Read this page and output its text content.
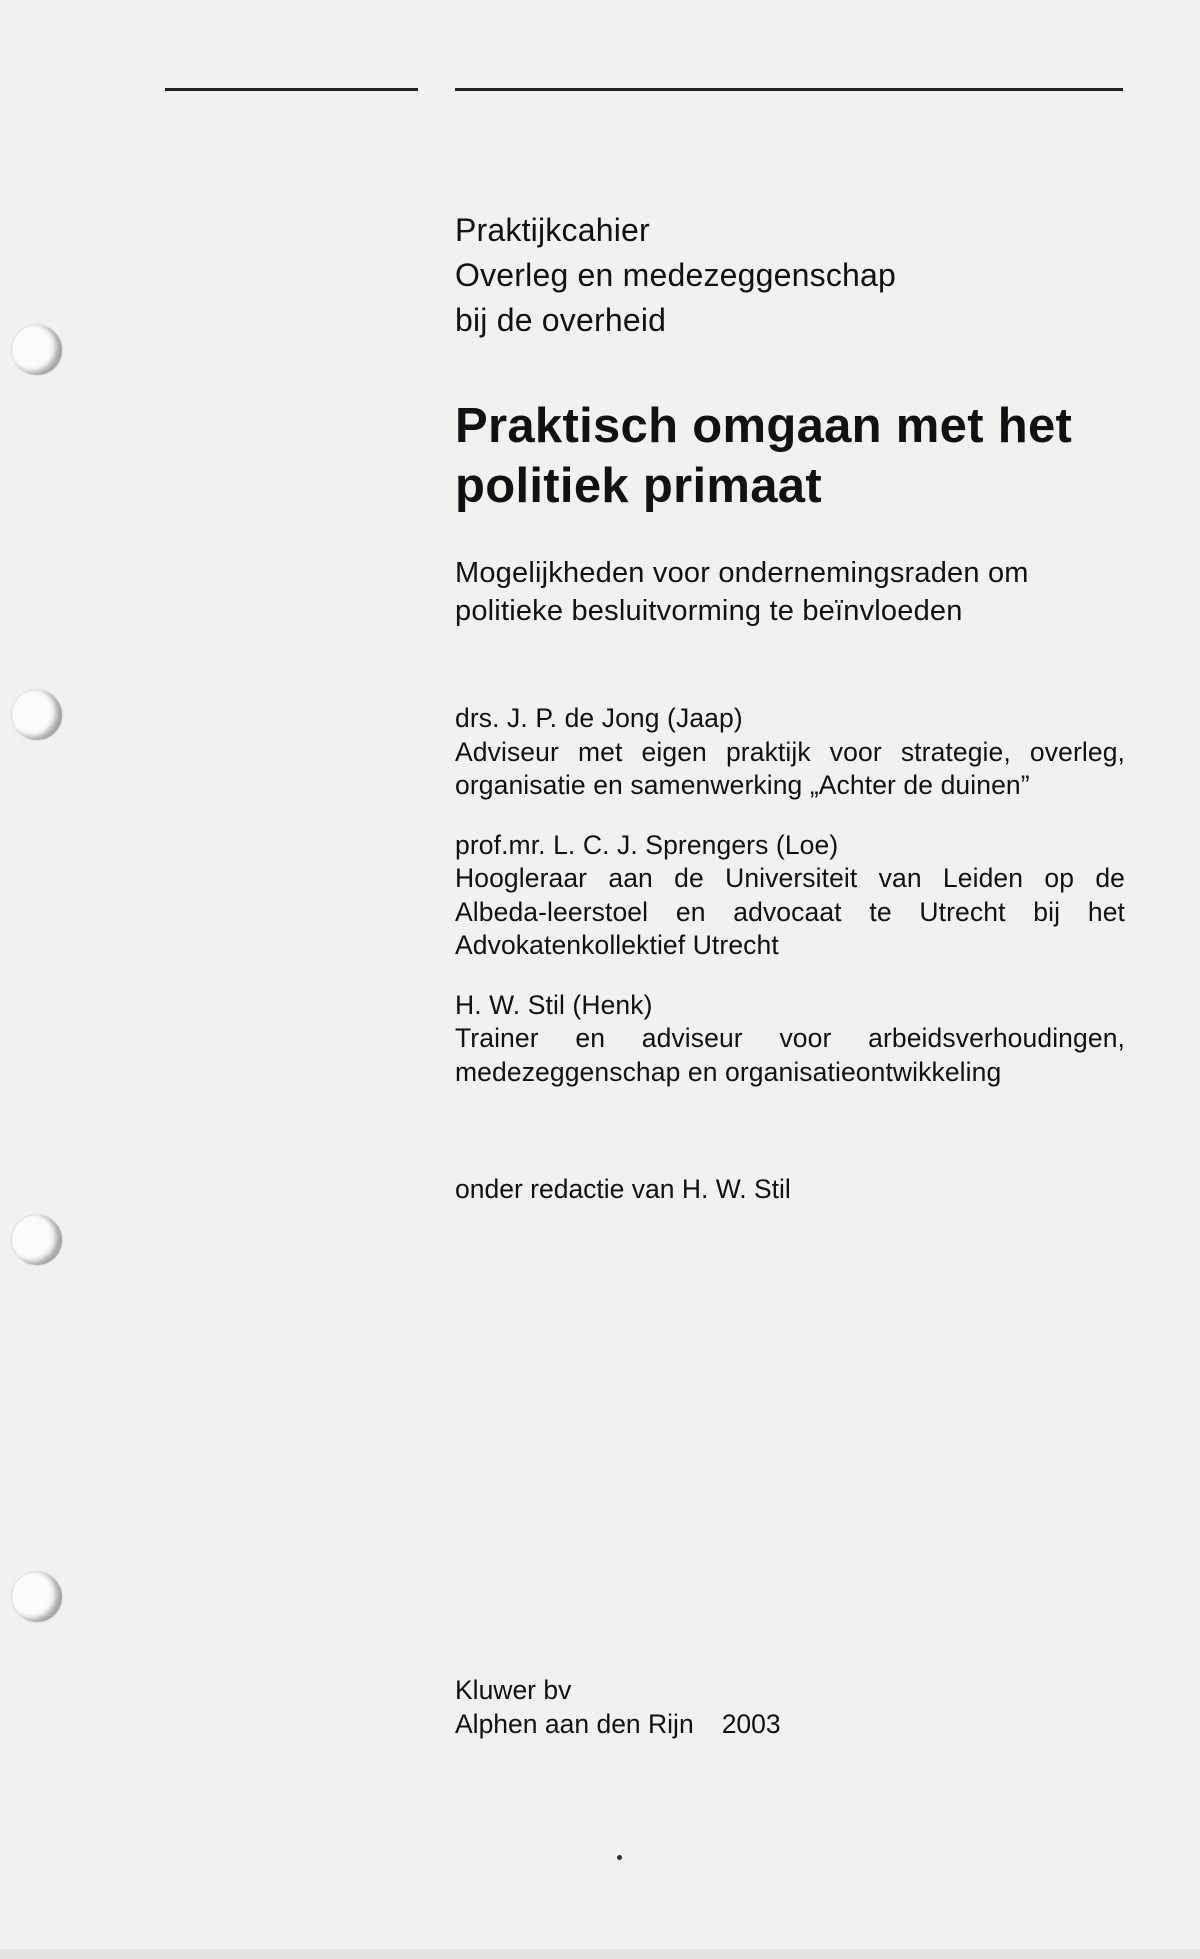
Praktijkcahier
Overleg en medezeggenschap
bij de overheid
Praktisch omgaan met het
politiek primaat
Mogelijkheden voor ondernemingsraden om politieke besluitvorming te beïnvloeden
drs. J. P. de Jong (Jaap)
Adviseur met eigen praktijk voor strategie, overleg, organisatie en samenwerking „Achter de duinen”
prof.mr. L. C. J. Sprengers (Loe)
Hoogleraar aan de Universiteit van Leiden op de Albeda-leerstoel en advocaat te Utrecht bij het Advokatenkollektief Utrecht
H. W. Stil (Henk)
Trainer en adviseur voor arbeidsverhoudingen, medezeggenschap en organisatieontwikkeling
onder redactie van H. W. Stil
Kluwer bv
Alphen aan den Rijn 2003
